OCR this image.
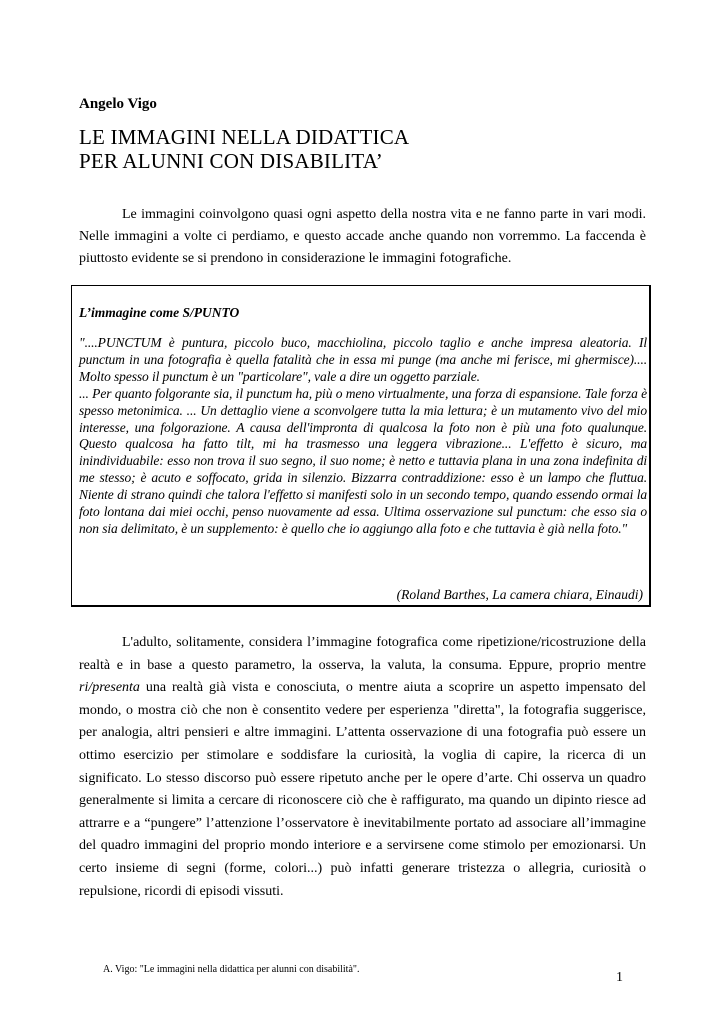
Angelo Vigo
LE IMMAGINI NELLA DIDATTICA
PER ALUNNI CON DISABILITA’
Le immagini coinvolgono quasi ogni aspetto della nostra vita e ne fanno parte in vari modi. Nelle immagini a volte ci perdiamo, e questo accade anche quando non vorremmo. La faccenda è piuttosto evidente se si prendono in considerazione le immagini fotografiche.
L’immagine come S/PUNTO

"....PUNCTUM è puntura, piccolo buco, macchiolina, piccolo taglio e anche impresa aleatoria. Il punctum in una fotografia è quella fatalità che in essa mi punge (ma anche mi ferisce, mi ghermisce).... Molto spesso il punctum è un "particolare", vale a dire un oggetto parziale.

... Per quanto folgorante sia, il punctum ha, più o meno virtualmente, una forza di espansione. Tale forza è spesso metonimica. ... Un dettaglio viene a sconvolgere tutta la mia lettura; è un mutamento vivo del mio interesse, una folgorazione. A causa dell'impronta di qualcosa la foto non è più una foto qualunque. Questo qualcosa ha fatto tilt, mi ha trasmesso una leggera vibrazione... L'effetto è sicuro, ma inindividuabile: esso non trova il suo segno, il suo nome; è netto e tuttavia plana in una zona indefinita di me stesso; è acuto e soffocato, grida in silenzio. Bizzarra contraddizione: esso è un lampo che fluttua. Niente di strano quindi che talora l'effetto si manifesti solo in un secondo tempo, quando essendo ormai la foto lontana dai miei occhi, penso nuovamente ad essa. Ultima osservazione sul punctum: che esso sia o non sia delimitato, è un supplemento: è quello che io aggiungo alla foto e che tuttavia è già nella foto."

(Roland Barthes, La camera chiara, Einaudi)
L'adulto, solitamente, considera l’immagine fotografica come ripetizione/ricostruzione della realtà e in base a questo parametro, la osserva, la valuta, la consuma. Eppure, proprio mentre ri/presenta una realtà già vista e conosciuta, o mentre aiuta a scoprire un aspetto impensato del mondo, o mostra ciò che non è consentito vedere per esperienza "diretta", la fotografia suggerisce, per analogia, altri pensieri e altre immagini. L’attenta osservazione di una fotografia può essere un ottimo esercizio per stimolare e soddisfare la curiosità, la voglia di capire, la ricerca di un significato. Lo stesso discorso può essere ripetuto anche per le opere d’arte. Chi osserva un quadro generalmente si limita a cercare di riconoscere ciò che è raffigurato, ma quando un dipinto riesce ad attrarre e a “pungere” l’attenzione l’osservatore è inevitabilmente portato ad associare all’immagine del quadro immagini del proprio mondo interiore e a servirsene come stimolo per emozionarsi. Un certo insieme di segni (forme, colori...) può infatti generare tristezza o allegria, curiosità o repulsione, ricordi di episodi vissuti.
A. Vigo: "Le immagini nella didattica per alunni con disabilità".
1
